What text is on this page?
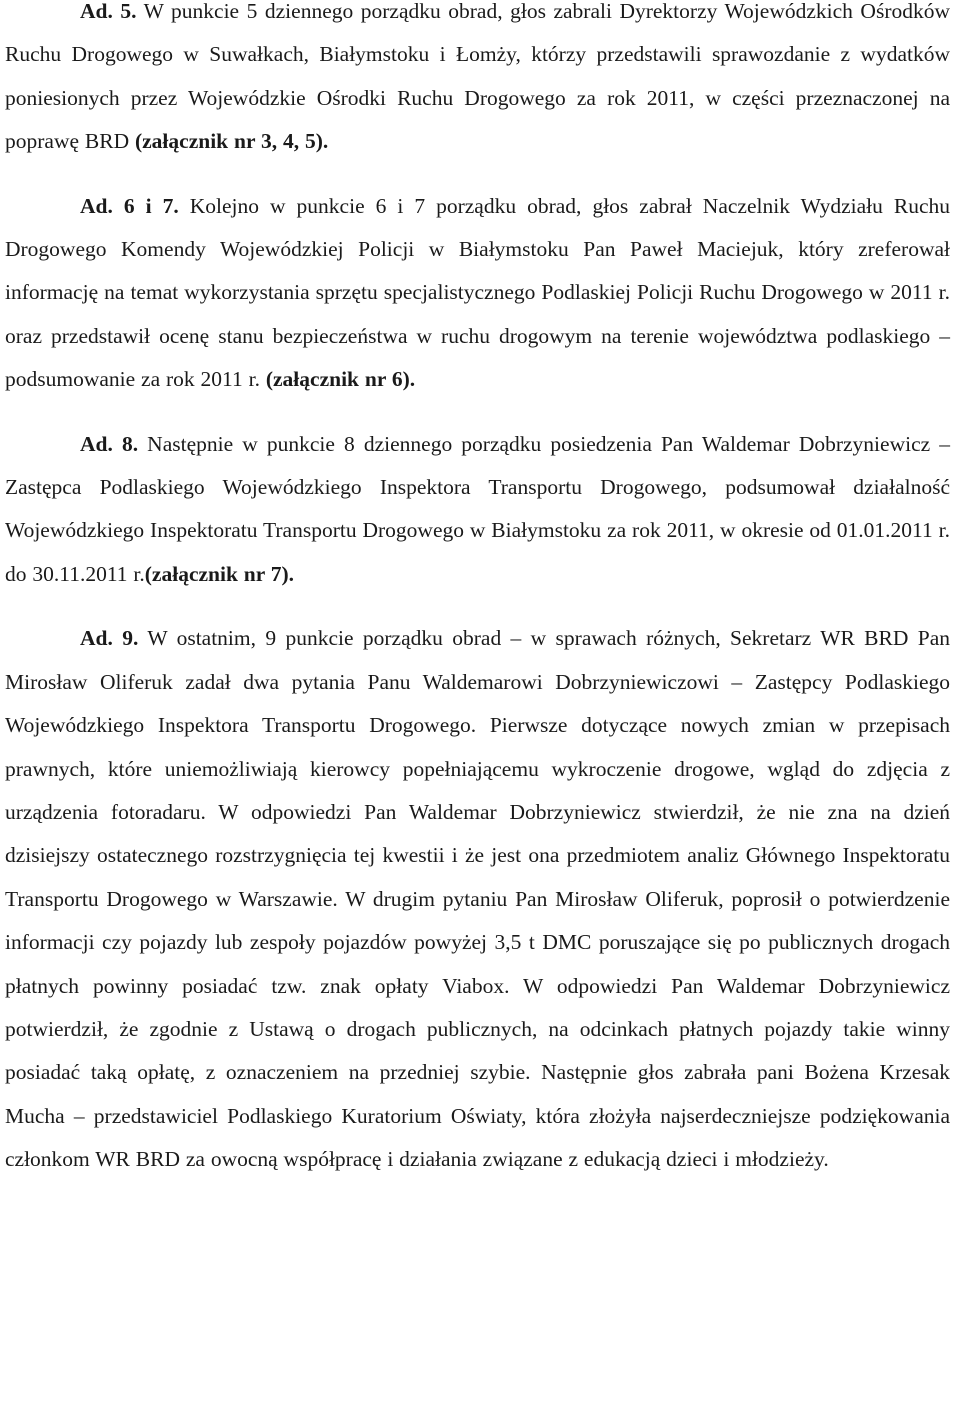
Ad. 5. W punkcie 5 dziennego porządku obrad, głos zabrali Dyrektorzy Wojewódzkich Ośrodków Ruchu Drogowego w Suwałkach, Białymstoku i Łomży, którzy przedstawili sprawozdanie z wydatków poniesionych przez Wojewódzkie Ośrodki Ruchu Drogowego za rok 2011, w części przeznaczonej na poprawę BRD (załącznik nr 3, 4, 5).

Ad. 6 i 7. Kolejno w punkcie 6 i 7 porządku obrad, głos zabrał Naczelnik Wydziału Ruchu Drogowego Komendy Wojewódzkiej Policji w Białymstoku Pan Paweł Maciejuk, który zreferował informację na temat wykorzystania sprzętu specjalistycznego Podlaskiej Policji Ruchu Drogowego w 2011 r. oraz przedstawił ocenę stanu bezpieczeństwa w ruchu drogowym na terenie województwa podlaskiego – podsumowanie za rok 2011 r. (załącznik nr 6).

Ad. 8. Następnie w punkcie 8 dziennego porządku posiedzenia Pan Waldemar Dobrzyniewicz – Zastępca Podlaskiego Wojewódzkiego Inspektora Transportu Drogowego, podsumował działalność Wojewódzkiego Inspektoratu Transportu Drogowego w Białymstoku za rok 2011, w okresie od 01.01.2011 r. do 30.11.2011 r.(załącznik nr 7).

Ad. 9. W ostatnim, 9 punkcie porządku obrad – w sprawach różnych, Sekretarz WR BRD Pan Mirosław Oliferuk zadał dwa pytania Panu Waldemarowi Dobrzyniewiczowi – Zastępcy Podlaskiego Wojewódzkiego Inspektora Transportu Drogowego. Pierwsze dotyczące nowych zmian w przepisach prawnych, które uniemożliwiają kierowcy popełniającemu wykroczenie drogowe, wgląd do zdjęcia z urządzenia fotoradaru. W odpowiedzi Pan Waldemar Dobrzyniewicz stwierdził, że nie zna na dzień dzisiejszy ostatecznego rozstrzygnięcia tej kwestii i że jest ona przedmiotem analiz Głównego Inspektoratu Transportu Drogowego w Warszawie. W drugim pytaniu Pan Mirosław Oliferuk, poprosił o potwierdzenie informacji czy pojazdy lub zespoły pojazdów powyżej 3,5 t DMC poruszające się po publicznych drogach płatnych powinny posiadać tzw. znak opłaty Viabox. W odpowiedzi Pan Waldemar Dobrzyniewicz potwierdził, że zgodnie z Ustawą o drogach publicznych, na odcinkach płatnych pojazdy takie winny posiadać taką opłatę, z oznaczeniem na przedniej szybie. Następnie głos zabrała pani Bożena Krzesak Mucha – przedstawiciel Podlaskiego Kuratorium Oświaty, która złożyła najserdeczniejsze podziękowania członkom WR BRD za owocną współpracę i działania związane z edukacją dzieci i młodzieży.
